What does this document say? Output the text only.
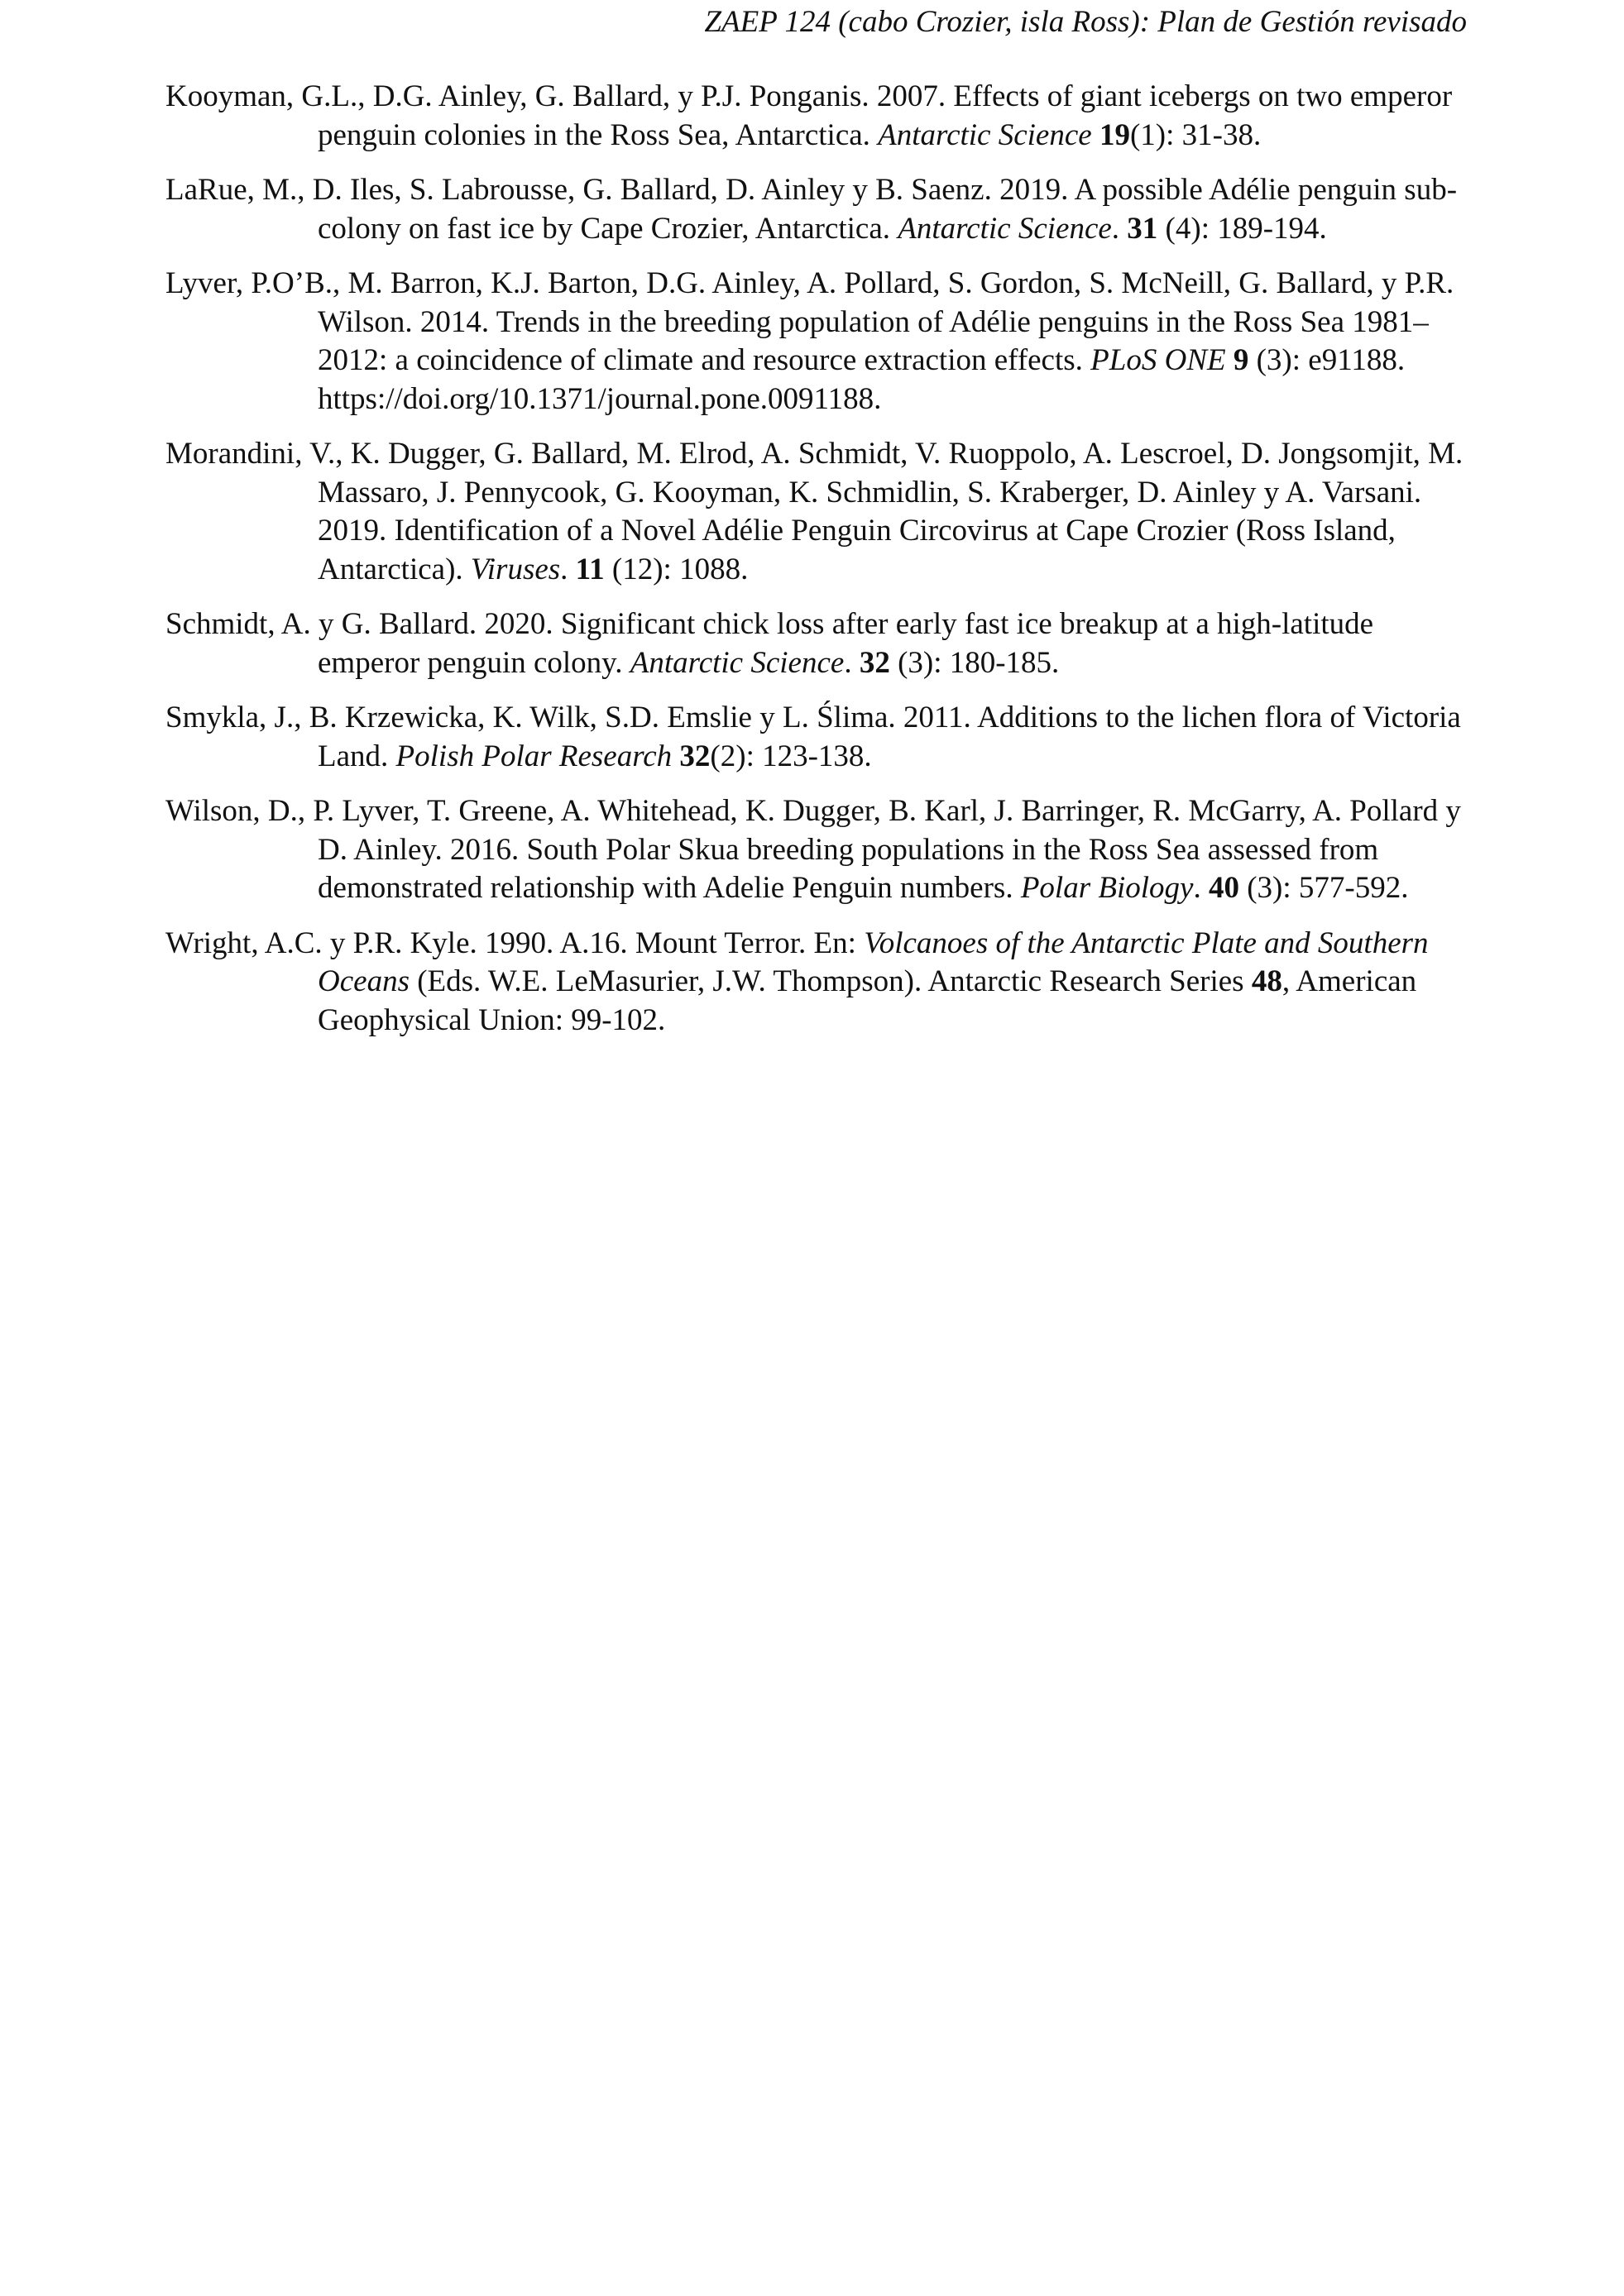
ZAEP 124 (cabo Crozier, isla Ross): Plan de Gestión revisado
Kooyman, G.L., D.G. Ainley, G. Ballard, y P.J. Ponganis. 2007. Effects of giant icebergs on two emperor penguin colonies in the Ross Sea, Antarctica. Antarctic Science 19(1): 31-38.
LaRue, M., D. Iles, S. Labrousse, G. Ballard, D. Ainley y B. Saenz. 2019. A possible Adélie penguin sub-colony on fast ice by Cape Crozier, Antarctica. Antarctic Science. 31 (4): 189-194.
Lyver, P.O’B., M. Barron, K.J. Barton, D.G. Ainley, A. Pollard, S. Gordon, S. McNeill, G. Ballard, y P.R. Wilson. 2014. Trends in the breeding population of Adélie penguins in the Ross Sea 1981–2012: a coincidence of climate and resource extraction effects. PLoS ONE 9 (3): e91188. https://doi.org/10.1371/journal.pone.0091188.
Morandini, V., K. Dugger, G. Ballard, M. Elrod, A. Schmidt, V. Ruoppolo, A. Lescroel, D. Jongsomjit, M. Massaro, J. Pennycook, G. Kooyman, K. Schmidlin, S. Kraberger, D. Ainley y A. Varsani. 2019. Identification of a Novel Adélie Penguin Circovirus at Cape Crozier (Ross Island, Antarctica). Viruses. 11 (12): 1088.
Schmidt, A. y G. Ballard. 2020. Significant chick loss after early fast ice breakup at a high-latitude emperor penguin colony. Antarctic Science. 32 (3): 180-185.
Smykla, J., B. Krzewicka, K. Wilk, S.D. Emslie y L. Ślima. 2011. Additions to the lichen flora of Victoria Land. Polish Polar Research 32(2): 123-138.
Wilson, D., P. Lyver, T. Greene, A. Whitehead, K. Dugger, B. Karl, J. Barringer, R. McGarry, A. Pollard y D. Ainley. 2016. South Polar Skua breeding populations in the Ross Sea assessed from demonstrated relationship with Adelie Penguin numbers. Polar Biology. 40 (3): 577-592.
Wright, A.C. y P.R. Kyle. 1990. A.16. Mount Terror. En: Volcanoes of the Antarctic Plate and Southern Oceans (Eds. W.E. LeMasurier, J.W. Thompson). Antarctic Research Series 48, American Geophysical Union: 99-102.
